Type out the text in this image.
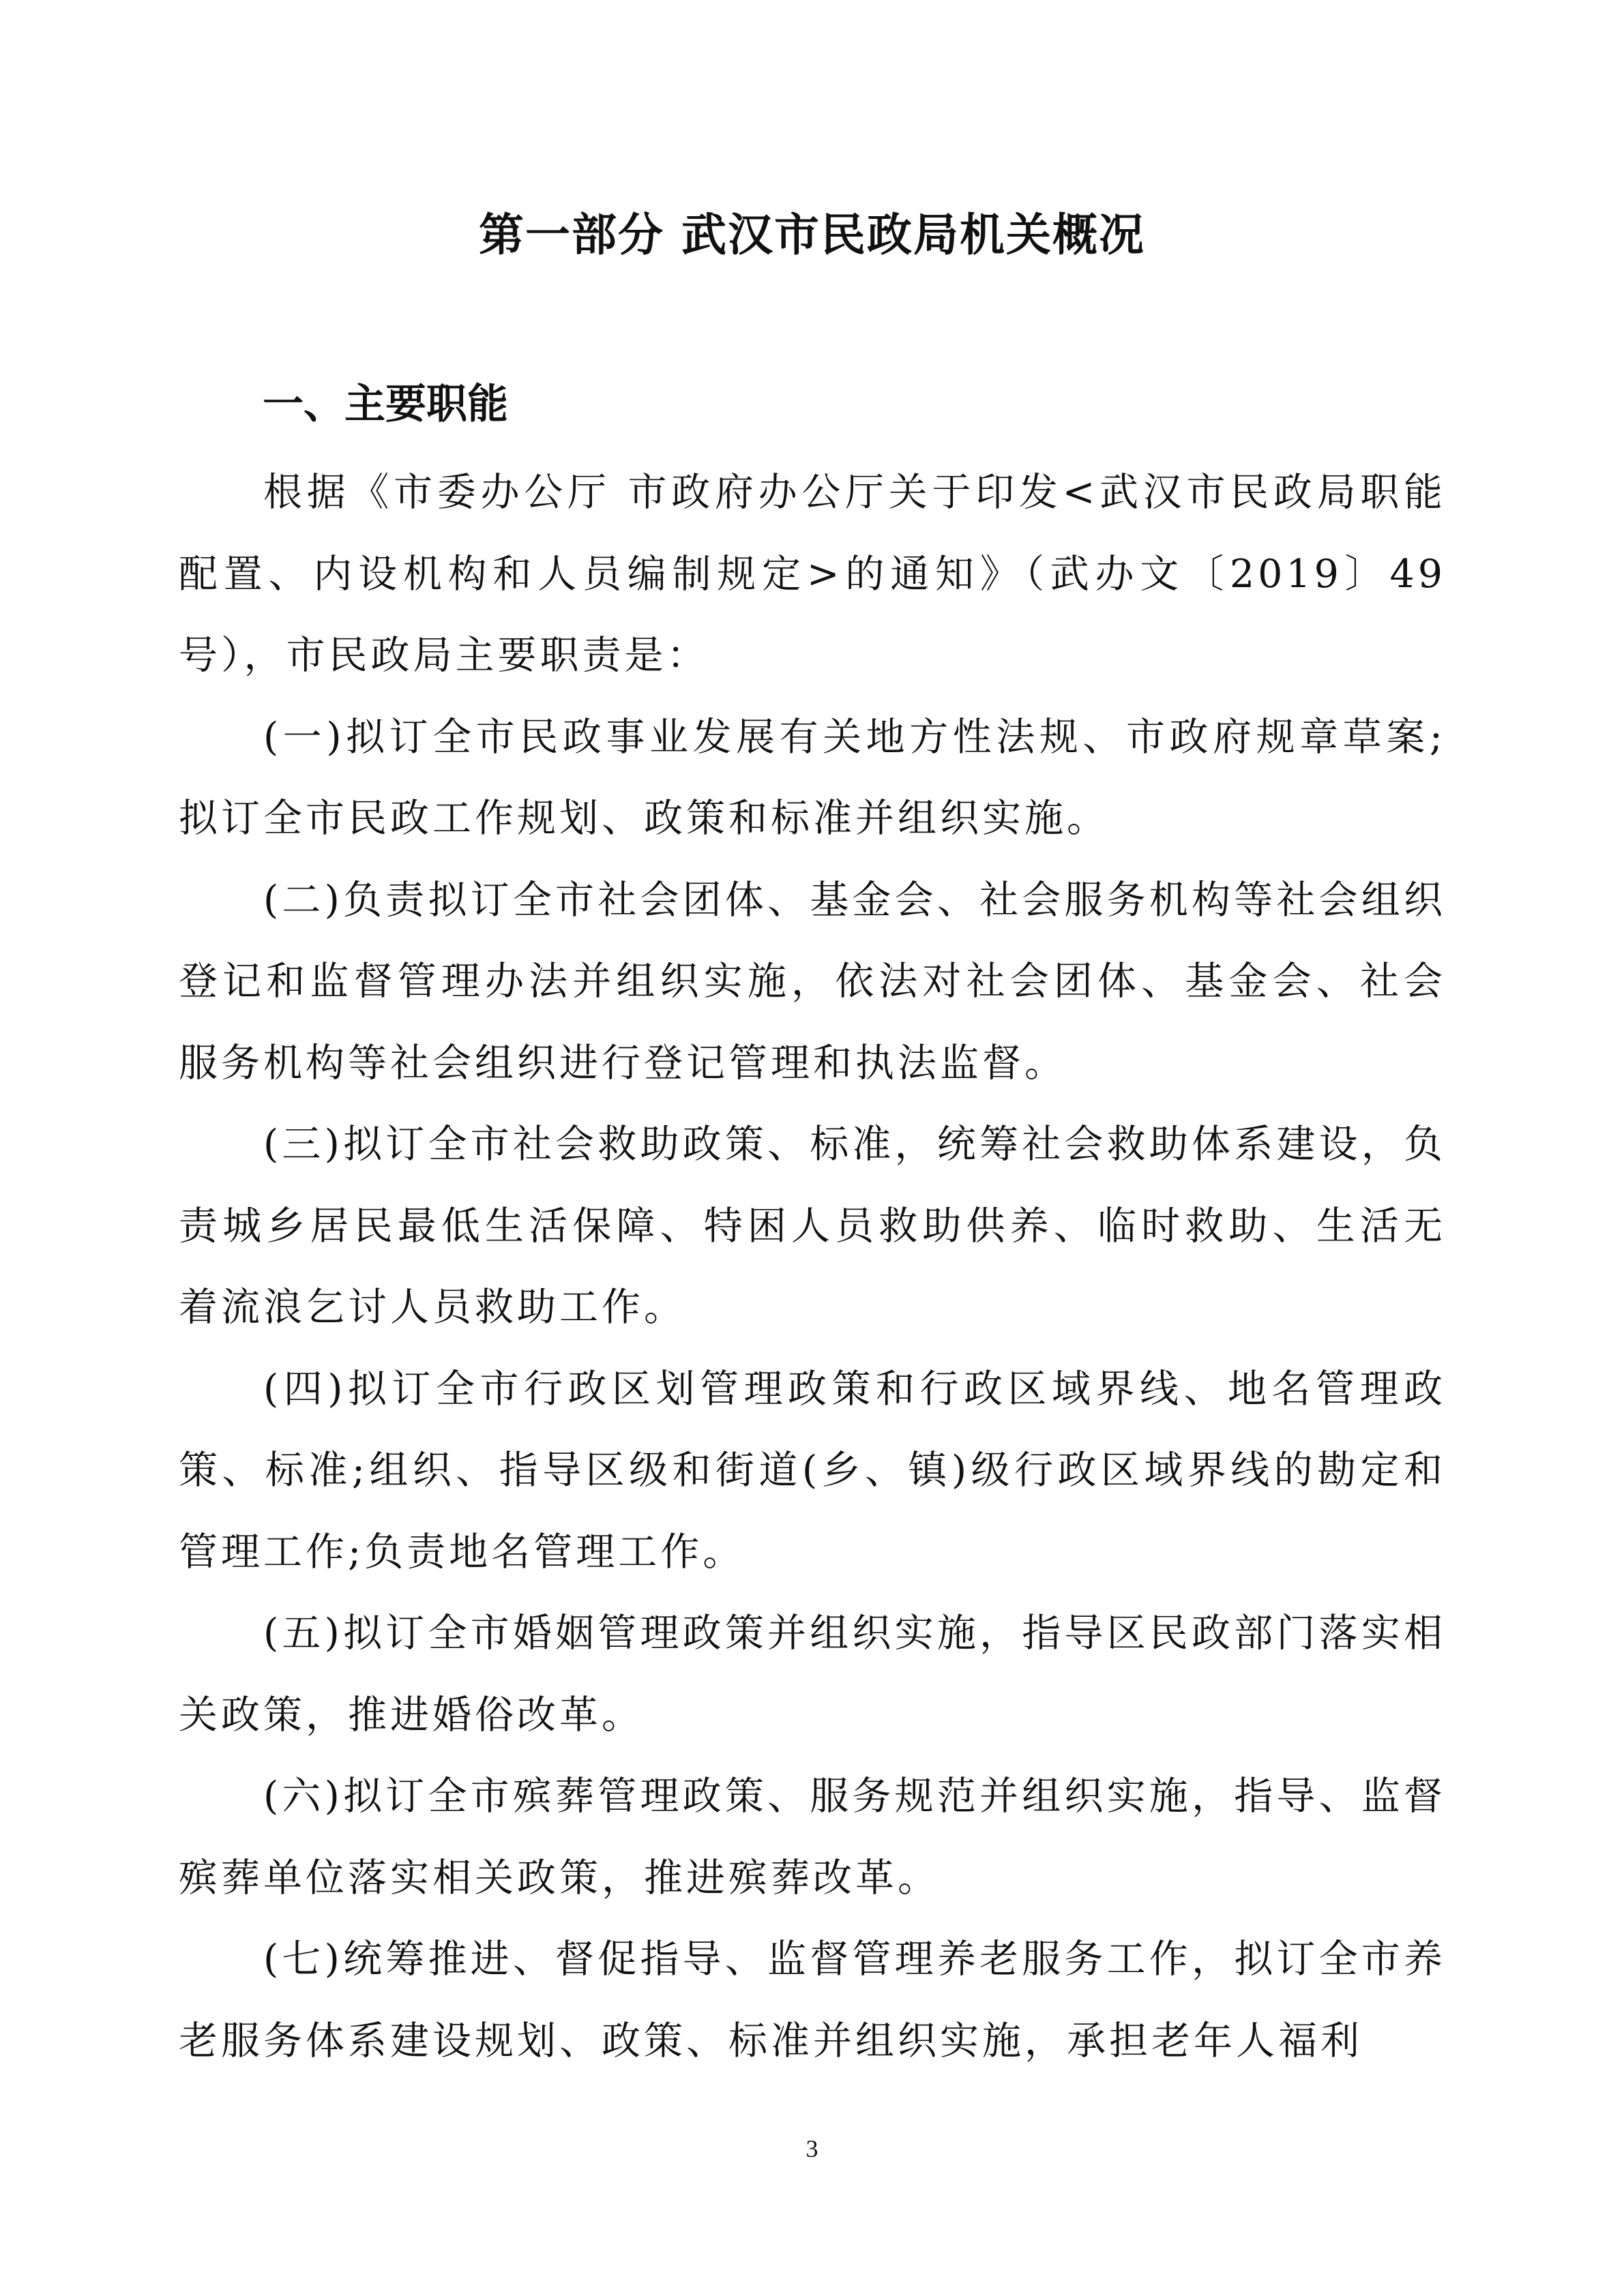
第一部分 武汉市民政局机关概况
一、主要职能

根据《市委办公厅 市政府办公厅关于印发<武汉市民政局职能配置、内设机构和人员编制规定>的通知》（武办文〔2019〕49号），市民政局主要职责是：

(一)拟订全市民政事业发展有关地方性法规、市政府规章草案;拟订全市民政工作规划、政策和标准并组织实施。

(二)负责拟订全市社会团体、基金会、社会服务机构等社会组织登记和监督管理办法并组织实施，依法对社会团体、基金会、社会服务机构等社会组织进行登记管理和执法监督。

(三)拟订全市社会救助政策、标准，统筹社会救助体系建设，负责城乡居民最低生活保障、特困人员救助供养、临时救助、生活无着流浪乞讨人员救助工作。

(四)拟订全市行政区划管理政策和行政区域界线、地名管理政策、标准;组织、指导区级和街道(乡、镇)级行政区域界线的勘定和管理工作;负责地名管理工作。

(五)拟订全市婚姻管理政策并组织实施，指导区民政部门落实相关政策，推进婚俗改革。

(六)拟订全市殡葬管理政策、服务规范并组织实施，指导、监督殡葬单位落实相关政策，推进殡葬改革。

(七)统筹推进、督促指导、监督管理养老服务工作，拟订全市养老服务体系建设规划、政策、标准并组织实施，承担老年人福利

3
